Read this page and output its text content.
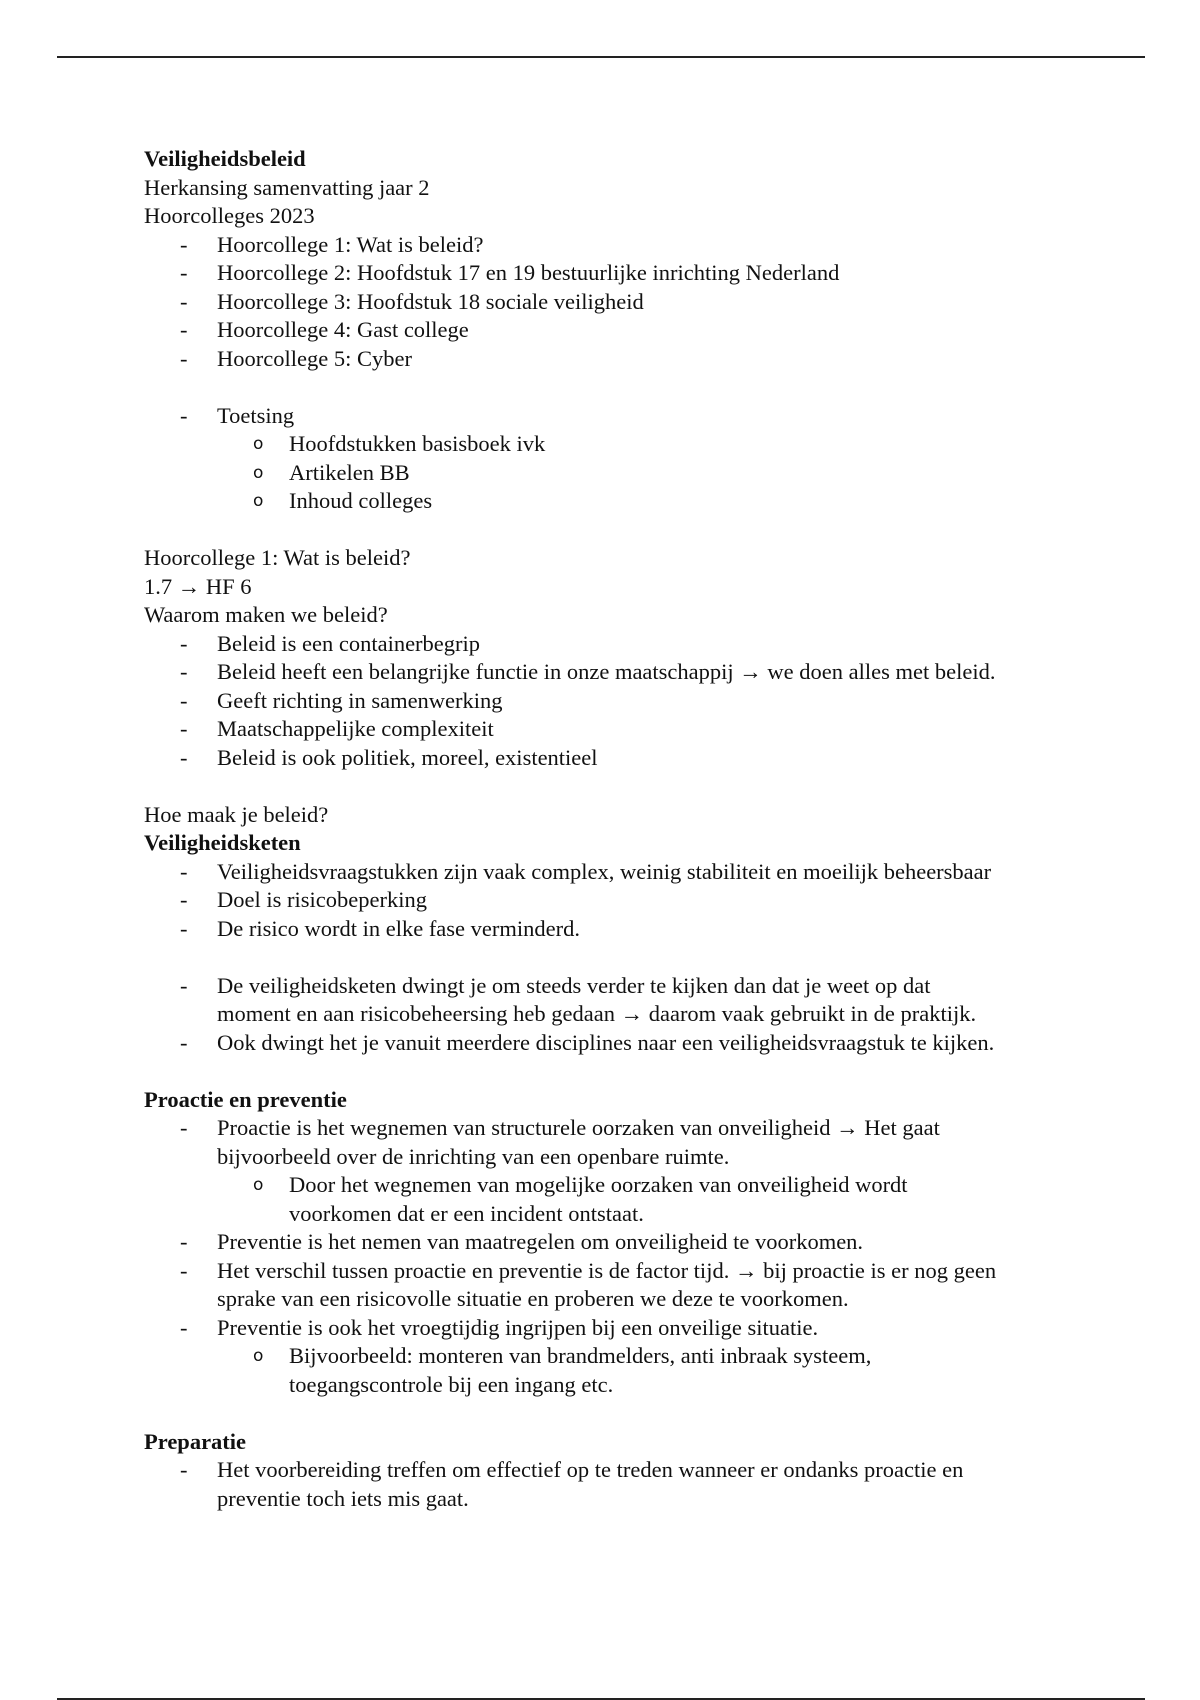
Veiligheidsbeleid
Herkansing samenvatting jaar 2
Hoorcolleges 2023
- Hoorcollege 1: Wat is beleid?
- Hoorcollege 2: Hoofdstuk 17 en 19 bestuurlijke inrichting Nederland
- Hoorcollege 3: Hoofdstuk 18 sociale veiligheid
- Hoorcollege 4: Gast college
- Hoorcollege 5: Cyber
- Toetsing
o Hoofdstukken basisboek ivk
o Artikelen BB
o Inhoud colleges
Hoorcollege 1: Wat is beleid?
1.7 → HF 6
Waarom maken we beleid?
- Beleid is een containerbegrip
- Beleid heeft een belangrijke functie in onze maatschappij → we doen alles met beleid.
- Geeft richting in samenwerking
- Maatschappelijke complexiteit
- Beleid is ook politiek, moreel, existentieel
Hoe maak je beleid?
Veiligheidsketen
- Veiligheidsvraagstukken zijn vaak complex, weinig stabiliteit en moeilijk beheersbaar
- Doel is risicobeperking
- De risico wordt in elke fase verminderd.
- De veiligheidsketen dwingt je om steeds verder te kijken dan dat je weet op dat
moment en aan risicobeheersing heb gedaan → daarom vaak gebruikt in de praktijk.
- Ook dwingt het je vanuit meerdere disciplines naar een veiligheidsvraagstuk te kijken.
Proactie en preventie
- Proactie is het wegnemen van structurele oorzaken van onveiligheid → Het gaat
bijvoorbeeld over de inrichting van een openbare ruimte.
o Door het wegnemen van mogelijke oorzaken van onveiligheid wordt
voorkomen dat er een incident ontstaat.
- Preventie is het nemen van maatregelen om onveiligheid te voorkomen.
- Het verschil tussen proactie en preventie is de factor tijd. → bij proactie is er nog geen
sprake van een risicovolle situatie en proberen we deze te voorkomen.
- Preventie is ook het vroegtijdig ingrijpen bij een onveilige situatie.
o Bijvoorbeeld: monteren van brandmelders, anti inbraak systeem,
toegangscontrole bij een ingang etc.
Preparatie
- Het voorbereiding treffen om effectief op te treden wanneer er ondanks proactie en
preventie toch iets mis gaat.
